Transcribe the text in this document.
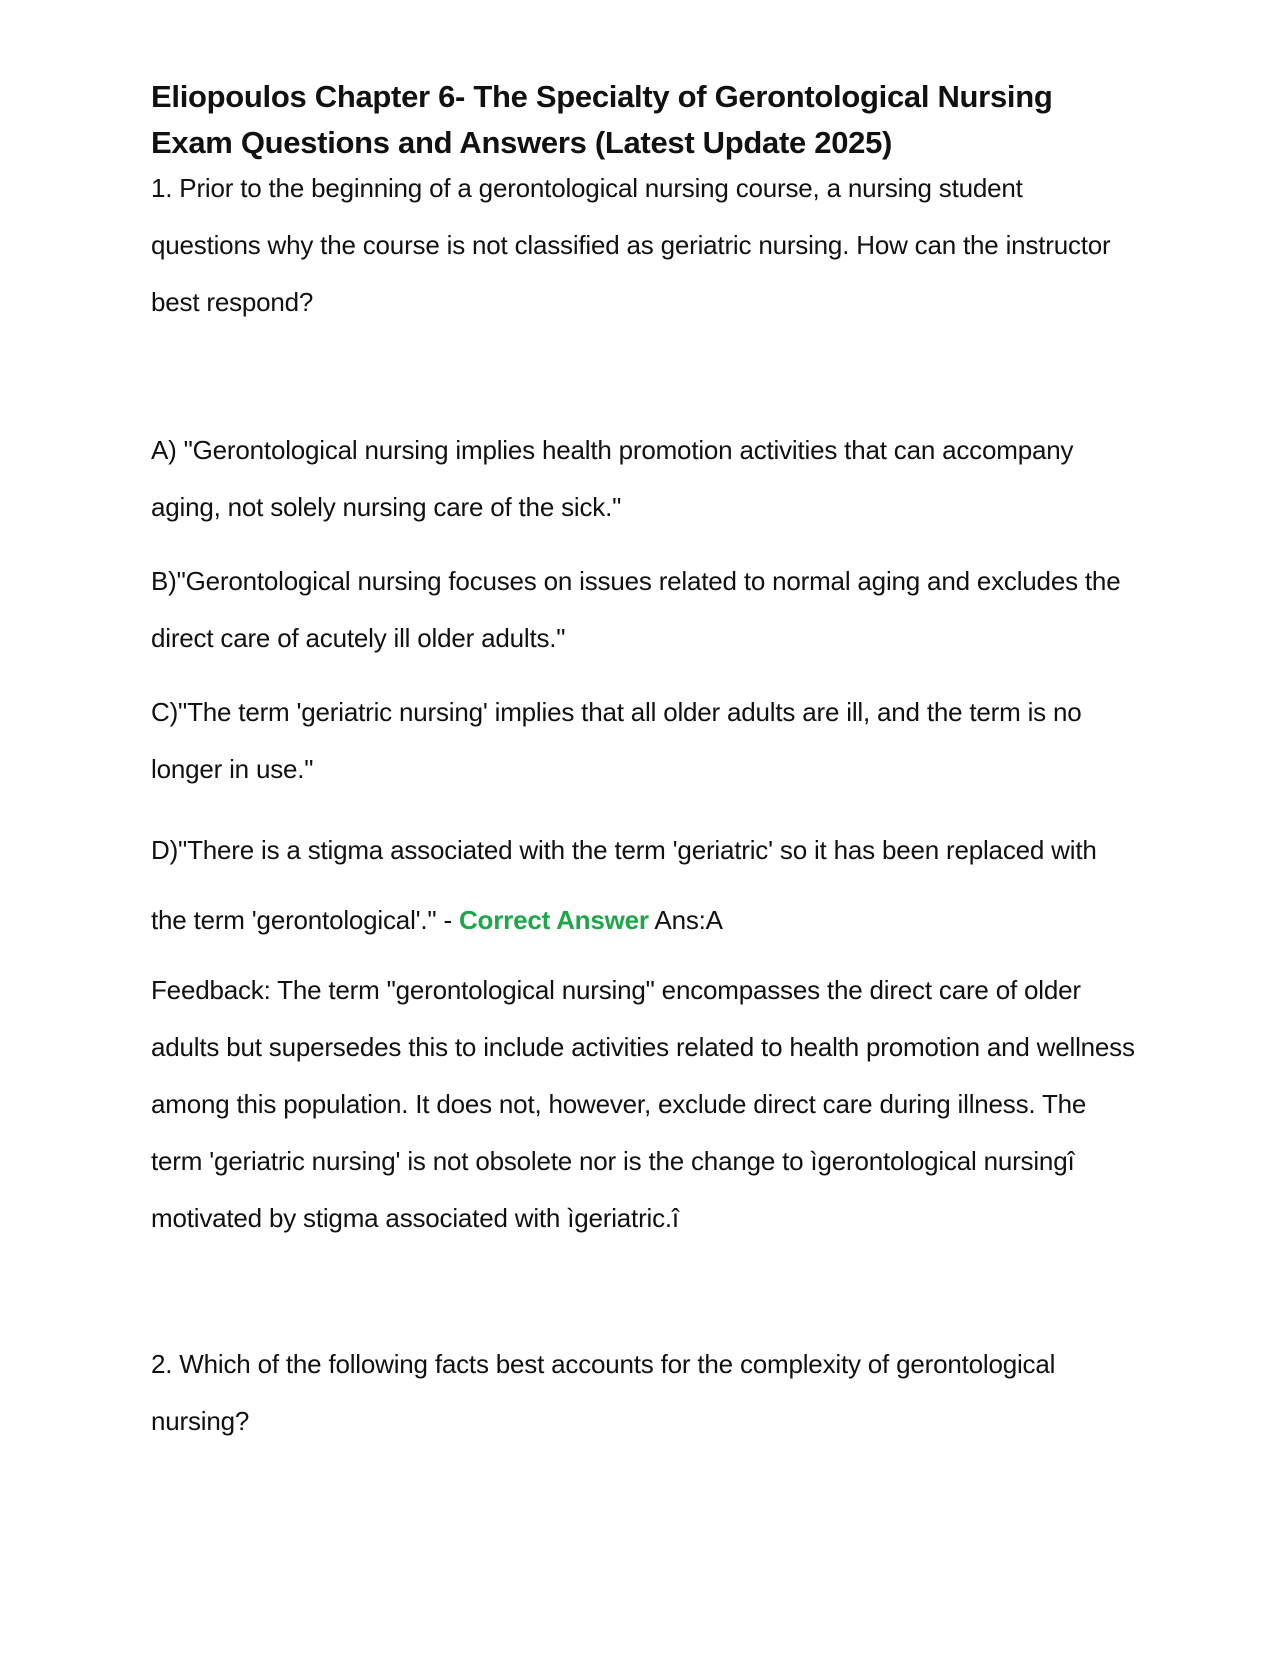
Eliopoulos Chapter 6- The Specialty of Gerontological Nursing Exam Questions and Answers (Latest Update 2025)

1. Prior to the beginning of a gerontological nursing course, a nursing student questions why the course is not classified as geriatric nursing. How can the instructor best respond?

A) "Gerontological nursing implies health promotion activities that can accompany aging, not solely nursing care of the sick."

B)"Gerontological nursing focuses on issues related to normal aging and excludes the direct care of acutely ill older adults."

C)"The term 'geriatric nursing' implies that all older adults are ill, and the term is no longer in use."

D)"There is a stigma associated with the term 'geriatric' so it has been replaced with the term 'gerontological'." - Correct Answer Ans:A

Feedback: The term "gerontological nursing" encompasses the direct care of older adults but supersedes this to include activities related to health promotion and wellness among this population. It does not, however, exclude direct care during illness. The term 'geriatric nursing' is not obsolete nor is the change to ìgerontological nursingî motivated by stigma associated with ìgeriatric.î

2. Which of the following facts best accounts for the complexity of gerontological nursing?
